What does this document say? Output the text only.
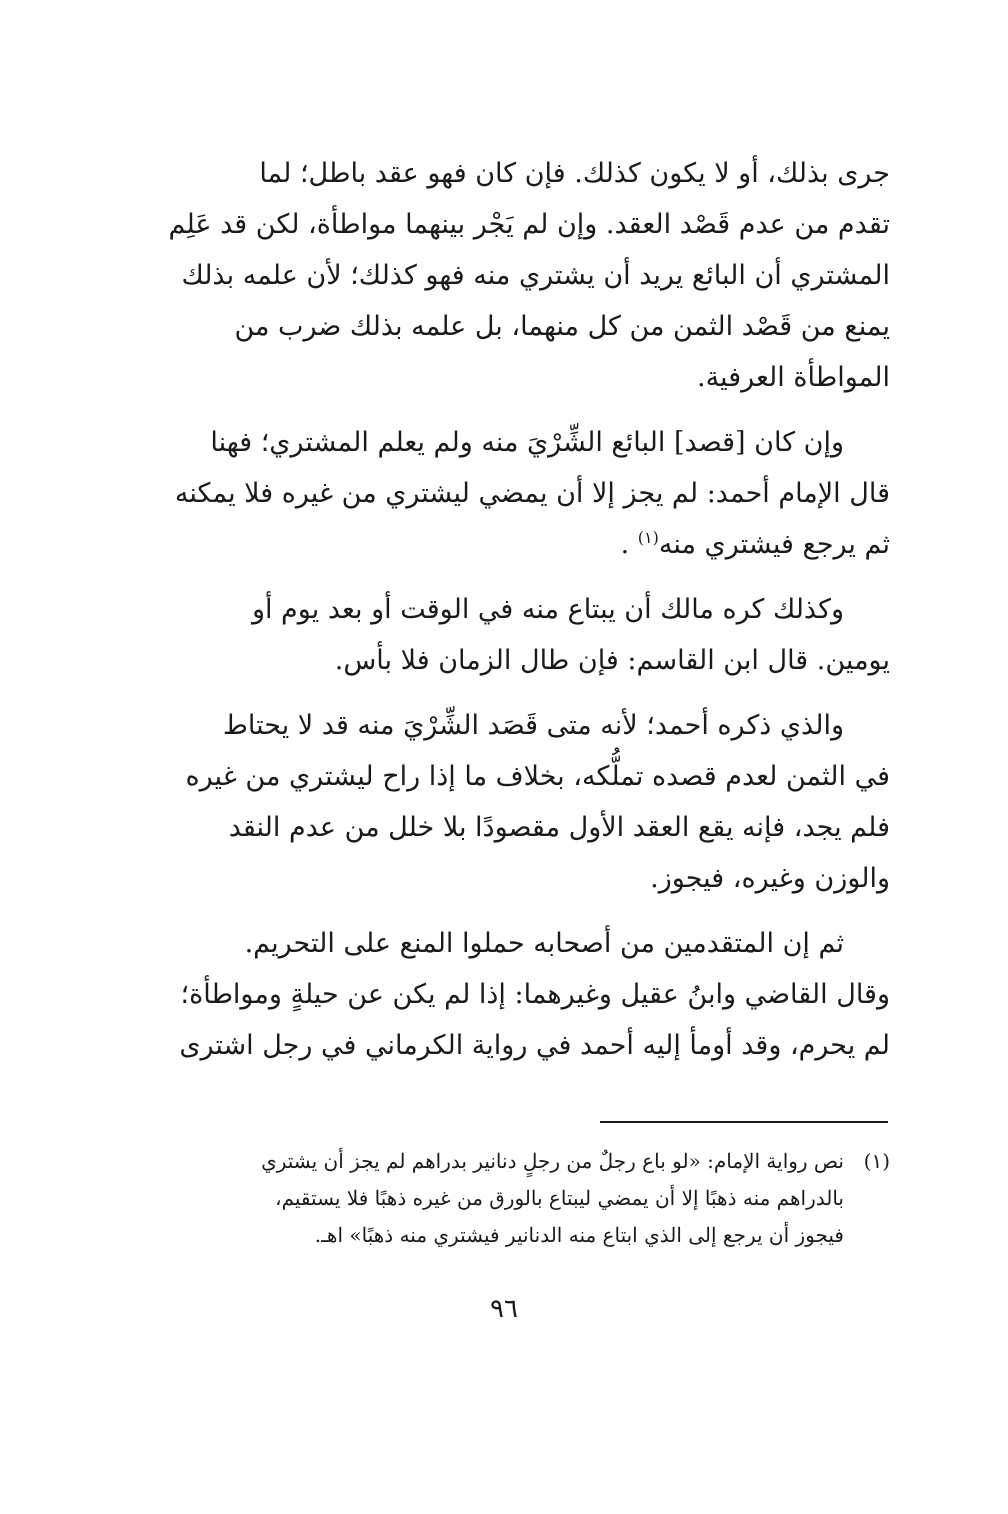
جرى بذلك، أو لا يكون كذلك. فإن كان فهو عقد باطل؛ لما
تقدم من عدم قَصْد العقد. وإن لم يَجْر بينهما مواطأة، لكن قد عَلِم
المشتري أن البائع يريد أن يشتري منه فهو كذلك؛ لأن علمه بذلك
يمنع من قَصْد الثمن من كل منهما، بل علمه بذلك ضرب من
المواطأة العرفية.
وإن كان [قصد] البائع الشِّرْيَ منه ولم يعلم المشتري؛ فهنا
قال الإمام أحمد: لم يجز إلا أن يمضي ليشتري من غيره فلا يمكنه
ثم يرجع فيشتري منه$^{(١)}$ .
وكذلك كره مالك أن يبتاع منه في الوقت أو بعد يوم أو
يومين. قال ابن القاسم: فإن طال الزمان فلا بأس.
والذي ذكره أحمد؛ لأنه متى قَصَد الشِّرْيَ منه قد لا يحتاط
في الثمن لعدم قصده تملُّكه، بخلاف ما إذا راح ليشتري من غيره
فلم يجد، فإنه يقع العقد الأول مقصودًا بلا خلل من عدم النقد
والوزن وغيره، فيجوز.
ثم إن المتقدمين من أصحابه حملوا المنع على التحريم.
وقال القاضي وابنُ عقيل وغيرهما: إذا لم يكن عن حيلةٍ ومواطأة؛
لم يحرم، وقد أومأ إليه أحمد في رواية الكرماني في رجل اشترى
(١)نص رواية الإمام: «لو باع رجلٌ من رجلٍ دنانير بدراهم لم يجز أن يشتري
بالدراهم منه ذهبًا إلا أن يمضي ليبتاع بالورق من غيره ذهبًا فلا يستقيم،
فيجوز أن يرجع إلى الذي ابتاع منه الدنانير فيشتري منه ذهبًا» اهـ.
٩٦
